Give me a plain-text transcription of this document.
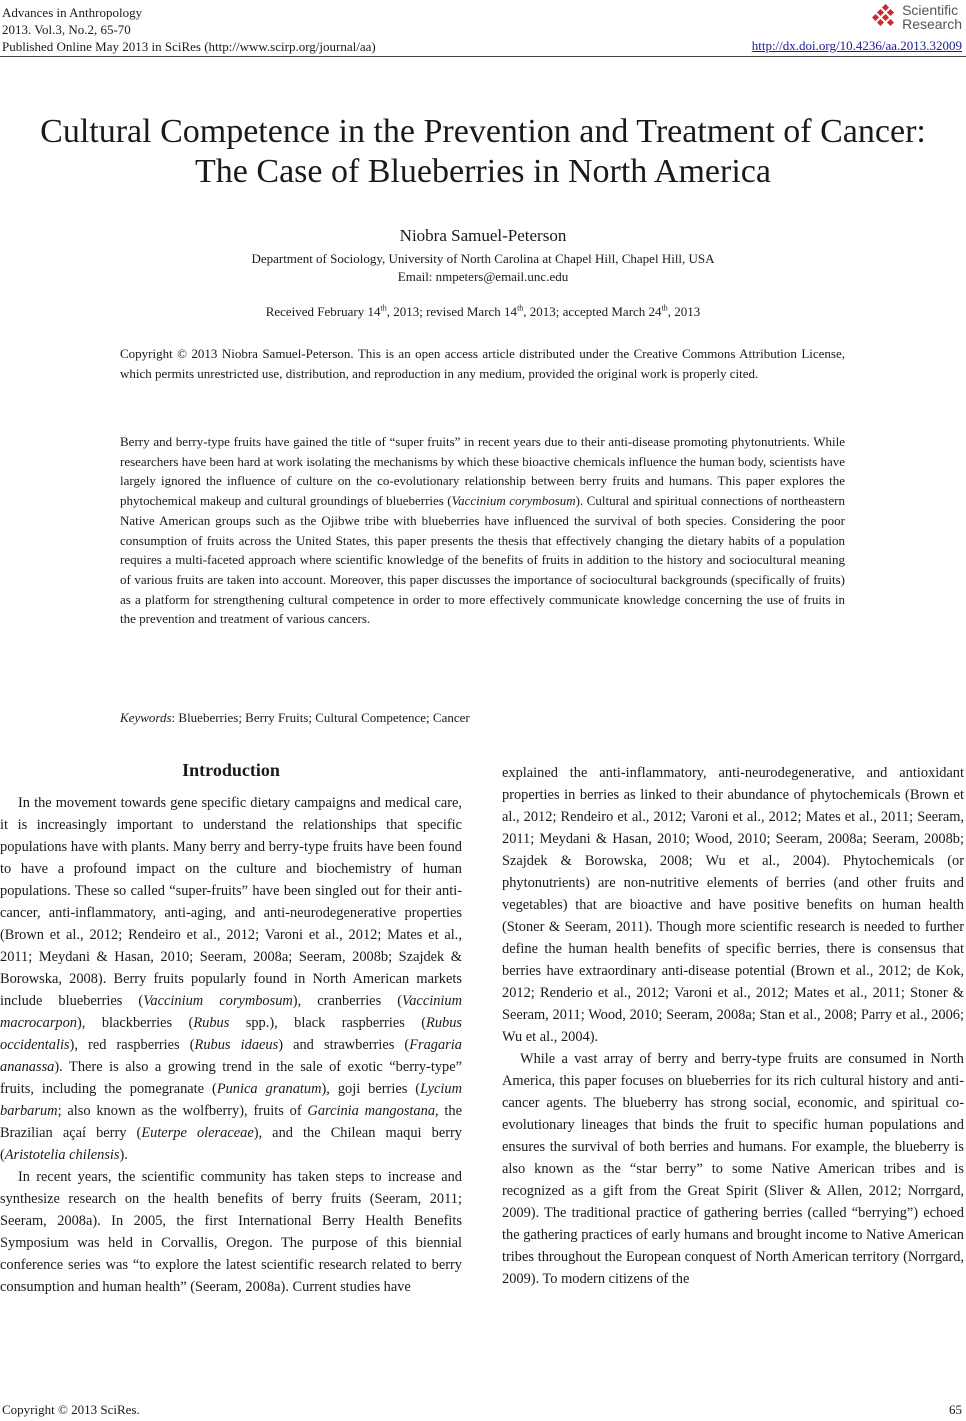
Advances in Anthropology
2013. Vol.3, No.2, 65-70
Published Online May 2013 in SciRes (http://www.scirp.org/journal/aa)
Scientific
Research
http://dx.doi.org/10.4236/aa.2013.32009
Cultural Competence in the Prevention and Treatment of Cancer:
The Case of Blueberries in North America
Niobra Samuel-Peterson
Department of Sociology, University of North Carolina at Chapel Hill, Chapel Hill, USA
Email: nmpeters@email.unc.edu
Received February 14th, 2013; revised March 14th, 2013; accepted March 24th, 2013
Copyright © 2013 Niobra Samuel-Peterson. This is an open access article distributed under the Creative Commons Attribution License, which permits unrestricted use, distribution, and reproduction in any medium, provided the original work is properly cited.
Berry and berry-type fruits have gained the title of “super fruits” in recent years due to their anti-disease promoting phytonutrients. While researchers have been hard at work isolating the mechanisms by which these bioactive chemicals influence the human body, scientists have largely ignored the influence of culture on the co-evolutionary relationship between berry fruits and humans. This paper explores the phytochemical makeup and cultural groundings of blueberries (Vaccinium corymbosum). Cultural and spiritual connections of northeastern Native American groups such as the Ojibwe tribe with blueberries have influenced the survival of both species. Considering the poor consumption of fruits across the United States, this paper presents the thesis that effectively changing the dietary habits of a population requires a multi-faceted approach where scientific knowledge of the benefits of fruits in addition to the history and sociocultural meaning of various fruits are taken into account. Moreover, this paper discusses the importance of sociocultural backgrounds (specifically of fruits) as a platform for strengthening cultural competence in order to more effectively communicate knowledge concerning the use of fruits in the prevention and treatment of various cancers.
Keywords: Blueberries; Berry Fruits; Cultural Competence; Cancer
Introduction

In the movement towards gene specific dietary campaigns and medical care, it is increasingly important to understand the relationships that specific populations have with plants. Many berry and berry-type fruits have been found to have a profound impact on the culture and biochemistry of human populations. These so called “super-fruits” have been singled out for their anti-cancer, anti-inflammatory, anti-aging, and anti-neurodegenerative properties (Brown et al., 2012; Rendeiro et al., 2012; Varoni et al., 2012; Mates et al., 2011; Meydani & Hasan, 2010; Seeram, 2008a; Seeram, 2008b; Szajdek & Borowska, 2008). Berry fruits popularly found in North American markets include blueberries (Vaccinium corymbosum), cranberries (Vaccinium macrocarpon), blackberries (Rubus spp.), black raspberries (Rubus occidentalis), red raspberries (Rubus idaeus) and strawberries (Fragaria ananassa). There is also a growing trend in the sale of exotic “berry-type” fruits, including the pomegranate (Punica granatum), goji berries (Lycium barbarum; also known as the wolfberry), fruits of Garcinia mangostana, the Brazilian açaí berry (Euterpe oleraceae), and the Chilean maqui berry (Aristotelia chilensis).

In recent years, the scientific community has taken steps to increase and synthesize research on the health benefits of berry fruits (Seeram, 2011; Seeram, 2008a). In 2005, the first International Berry Health Benefits Symposium was held in Corvallis, Oregon. The purpose of this biennial conference series was “to explore the latest scientific research related to berry consumption and human health” (Seeram, 2008a). Current studies have

explained the anti-inflammatory, anti-neurodegenerative, and antioxidant properties in berries as linked to their abundance of phytochemicals (Brown et al., 2012; Rendeiro et al., 2012; Varoni et al., 2012; Mates et al., 2011; Seeram, 2011; Meydani & Hasan, 2010; Wood, 2010; Seeram, 2008a; Seeram, 2008b; Szajdek & Borowska, 2008; Wu et al., 2004). Phytochemicals (or phytonutrients) are non-nutritive elements of berries (and other fruits and vegetables) that are bioactive and have positive benefits on human health (Stoner & Seeram, 2011). Though more scientific research is needed to further define the human health benefits of specific berries, there is consensus that berries have extraordinary anti-disease potential (Brown et al., 2012; de Kok, 2012; Renderio et al., 2012; Varoni et al., 2012; Mates et al., 2011; Stoner & Seeram, 2011; Wood, 2010; Seeram, 2008a; Stan et al., 2008; Parry et al., 2006; Wu et al., 2004).

While a vast array of berry and berry-type fruits are consumed in North America, this paper focuses on blueberries for its rich cultural history and anti-cancer agents. The blueberry has strong social, economic, and spiritual co-evolutionary lineages that binds the fruit to specific human populations and ensures the survival of both berries and humans. For example, the blueberry is also known as the “star berry” to some Native American tribes and is recognized as a gift from the Great Spirit (Sliver & Allen, 2012; Norrgard, 2009). The traditional practice of gathering berries (called “berrying”) echoed the gathering practices of early humans and brought income to Native American tribes throughout the European conquest of North American territory (Norrgard, 2009). To modern citizens of the

Copyright © 2013 SciRes.	65
